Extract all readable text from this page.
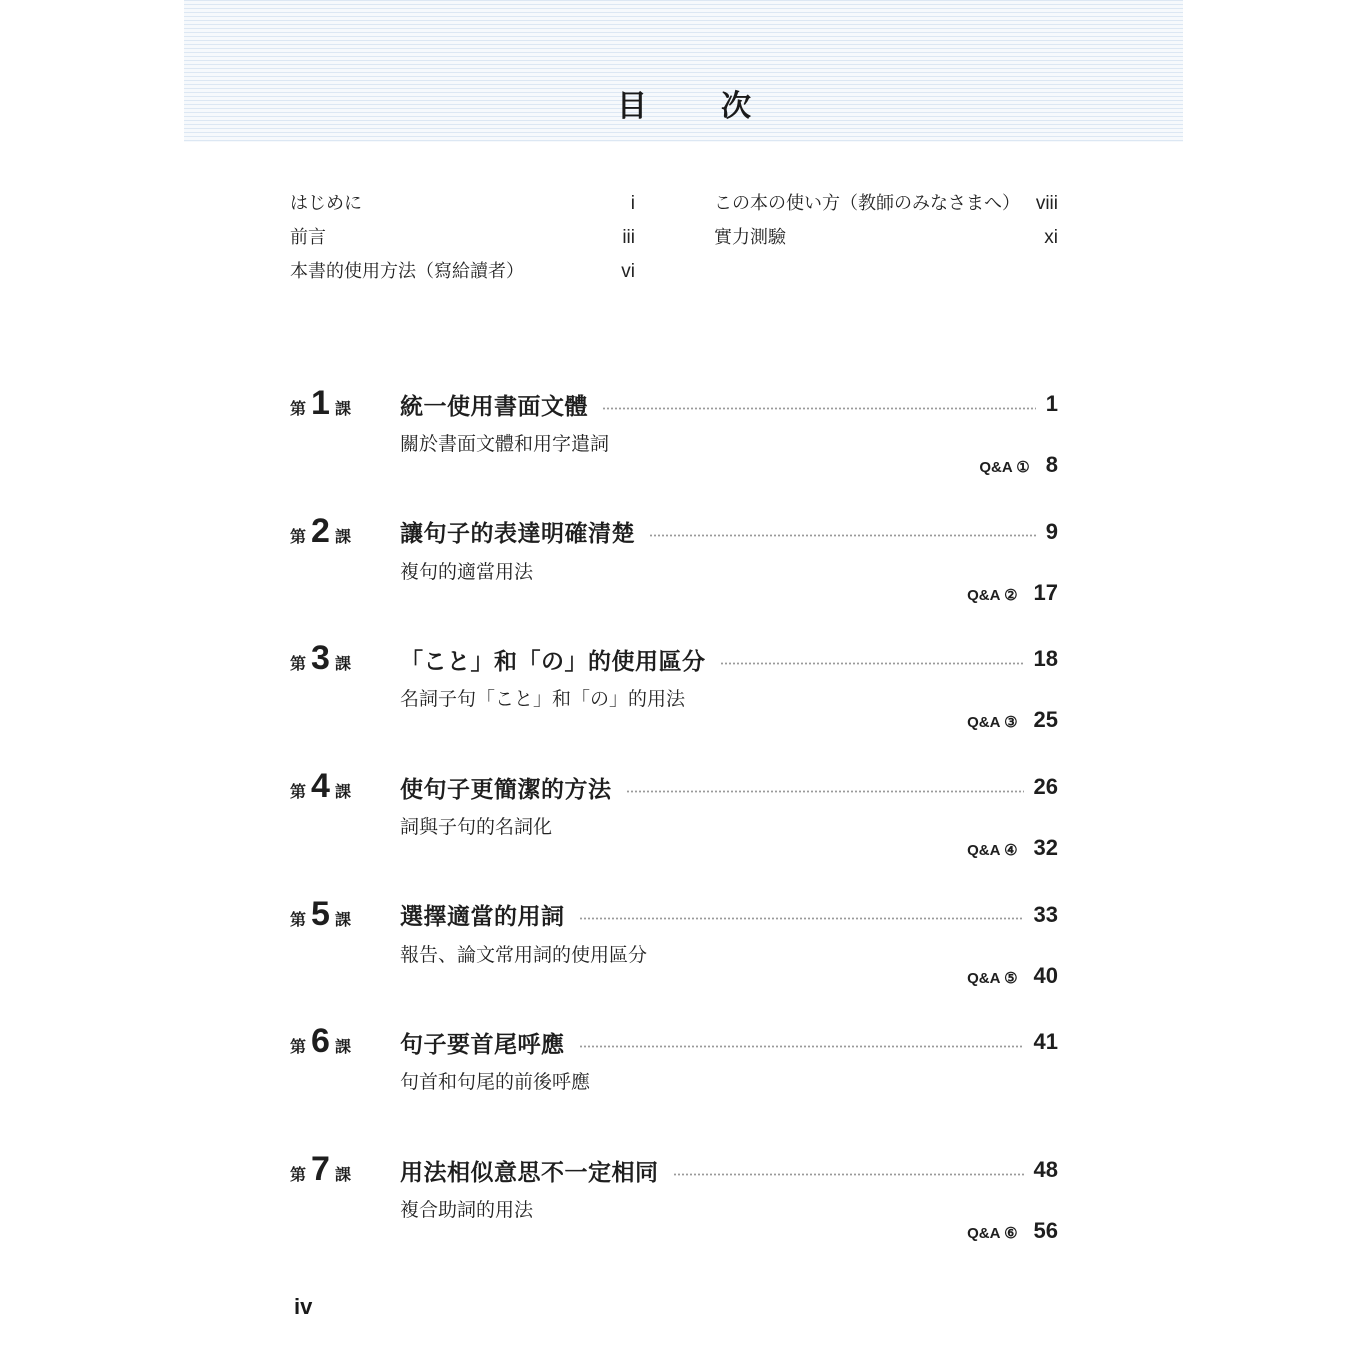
目　次
はじめに	i
前言	iii
本書的使用方法（寫給讀者）	vi
この本の使い方（教師のみなさまへ） viii
實力測驗	xi
第 1 課 統一使用書面文體	1
關於書面文體和用字遣詞
Q&A ① 8
第 2 課 讓句子的表達明確清楚	9
複句的適當用法
Q&A ② 17
第 3 課 「こと」和「の」的使用區分	18
名詞子句「こと」和「の」的用法
Q&A ③ 25
第 4 課 使句子更簡潔的方法	26
詞與子句的名詞化
Q&A ④ 32
第 5 課 選擇適當的用詞	33
報告、論文常用詞的使用區分
Q&A ⑤ 40
第 6 課 句子要首尾呼應	41
句首和句尾的前後呼應
第 7 課 用法相似意思不一定相同	48
複合助詞的用法
Q&A ⑥ 56
iv
